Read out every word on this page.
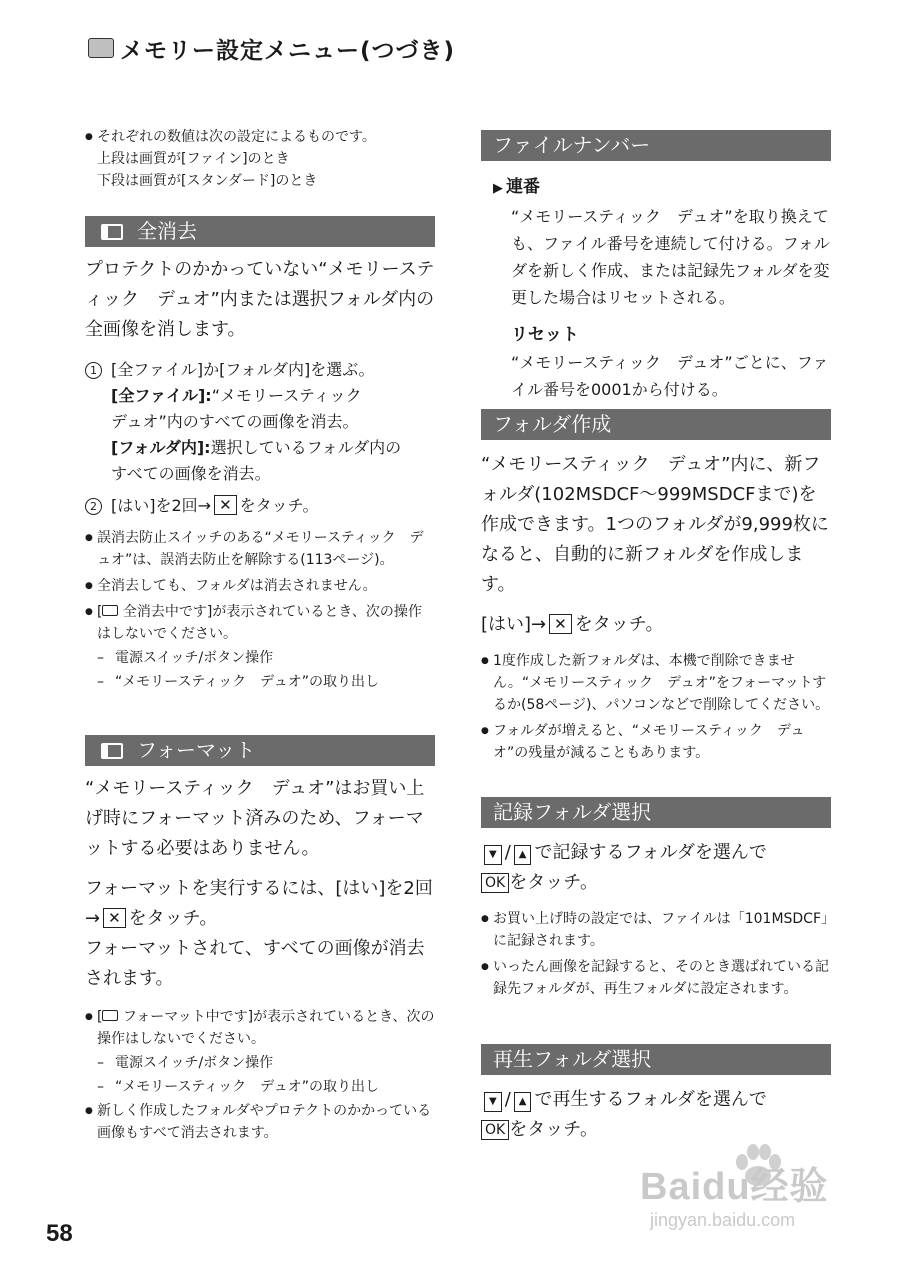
メモリー設定メニュー(つづき)
● それぞれの数値は次の設定によるものです。
上段は画質が[ファイン]のとき
下段は画質が[スタンダード]のとき
全消去
プロテクトのかかっていない“メモリースティック　デュオ”内または選択フォルダ内の全画像を消します。
1 [全ファイル]か[フォルダ内]を選ぶ。
[全ファイル]:“メモリースティック
デュオ”内のすべての画像を消去。
[フォルダ内]:選択しているフォルダ内の
すべての画像を消去。
2 [はい]を2回→ ✕ をタッチ。
● 誤消去防止スイッチのある“メモリースティック　デュオ”は、誤消去防止を解除する(113ページ)。
● 全消去しても、フォルダは消去されません。
● [ 全消去中です]が表示されているとき、次の操作はしないでください。
– 電源スイッチ/ボタン操作
– “メモリースティック　デュオ”の取り出し
フォーマット
“メモリースティック　デュオ”はお買い上げ時にフォーマット済みのため、フォーマットする必要はありません。
フォーマットを実行するには、[はい]を2回→ ✕ をタッチ。
フォーマットされて、すべての画像が消去されます。
● [ フォーマット中です]が表示されているとき、次の操作はしないでください。
– 電源スイッチ/ボタン操作
– “メモリースティック　デュオ”の取り出し
● 新しく作成したフォルダやプロテクトのかかっている画像もすべて消去されます。
ファイルナンバー
▶ 連番
“メモリースティック　デュオ”を取り換えても、ファイル番号を連続して付ける。フォルダを新しく作成、または記録先フォルダを変更した場合はリセットされる。
リセット
“メモリースティック　デュオ”ごとに、ファイル番号を0001から付ける。
フォルダ作成
“メモリースティック　デュオ”内に、新フォルダ(102MSDCF〜999MSDCFまで)を作成できます。1つのフォルダが9,999枚になると、自動的に新フォルダを作成します。
[はい]→ ✕ をタッチ。
● 1度作成した新フォルダは、本機で削除できません。“メモリースティック　デュオ”をフォーマットするか(58ページ)、パソコンなどで削除してください。
● フォルダが増えると、“メモリースティック　デュオ”の残量が減ることもあります。
記録フォルダ選択
▼ / ▲ で記録するフォルダを選んで
OK をタッチ。
● お買い上げ時の設定では、ファイルは「101MSDCF」に記録されます。
● いったん画像を記録すると、そのとき選ばれている記録先フォルダが、再生フォルダに設定されます。
再生フォルダ選択
▼ / ▲ で再生するフォルダを選んで
OK をタッチ。
58
Baidu经验
jingyan.baidu.com
